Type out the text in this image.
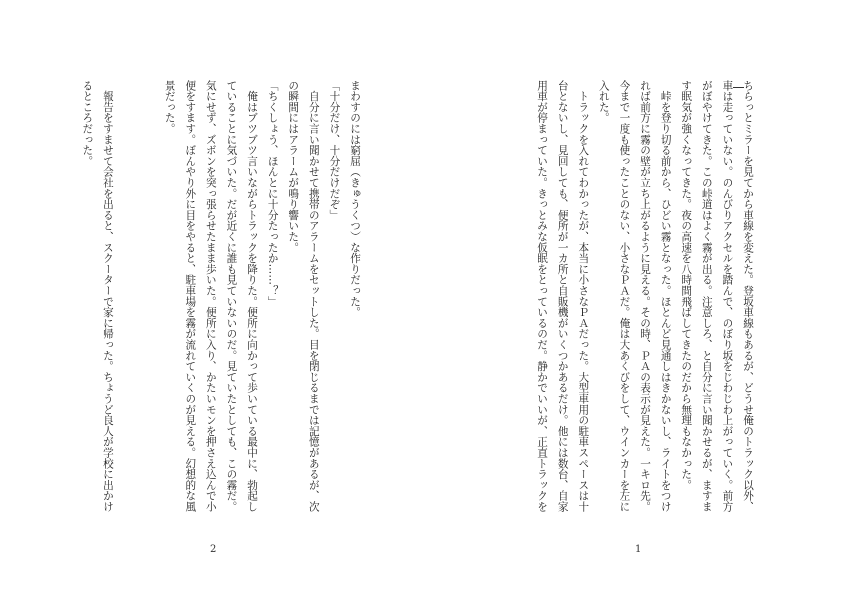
ちらっとミラーを見てから車線を変えた。登坂車線もあるが、どうせ俺のトラック以外、車は走っていない。のんびりアクセルを踏んで、のぼり坂をじわじわ上がっていく。前方がぼやけてきた。この峠道はよく霧が出る。注意しろ、と自分に言い聞かせるが、ますます眠気が強くなってきた。夜の高速を八時間飛ばしてきたのだから無理もなかった。
　峠を登り切る前から、ひどい霧となった。ほとんど見通しはきかないし、ライトをつければ前方に霧の壁が立ち上がるように見える。その時、ＰＡの表示が見えた。一キロ先。今まで一度も使ったことのない、小さなＰＡだ。俺は大あくびをして、ウインカーを左に入れた。
　トラックを入れてわかったが、本当に小さなＰＡだった。大型車用の駐車スペースは十台とないし、見回しても、便所が一カ所と自販機がいくつかあるだけ。他には数台、自家用車が停まっていた。きっとみな仮眠をとっているのだ。静かでいいが、正直トラックを
1
まわすのには窮屈（きゅうくつ）な作りだった。
「十分だけ、十分だけだぞ」
　自分に言い聞かせて携帯のアラームをセットした。目を閉じるまでは記憶があるが、次の瞬間にはアラームが鳴り響いた。
「ちくしょう、ほんとに十分たったか……？」
　俺はブツブツ言いながらトラックを降りた。便所に向かって歩いている最中に、勃起していることに気づいた。だが近くに誰も見ていないのだ。見ていたとしても、この霧だ。気にせず、ズボンを突っ張らせたまま歩いた。便所に入り、かたいモンを押さえ込んで小便をすます。ぼんやり外に目をやると、駐車場を霧が流れていくのが見える。幻想的な風景だった。

　報告をすませて会社を出ると、スクーターで家に帰った。ちょうど良人が学校に出かけるところだった。
2
